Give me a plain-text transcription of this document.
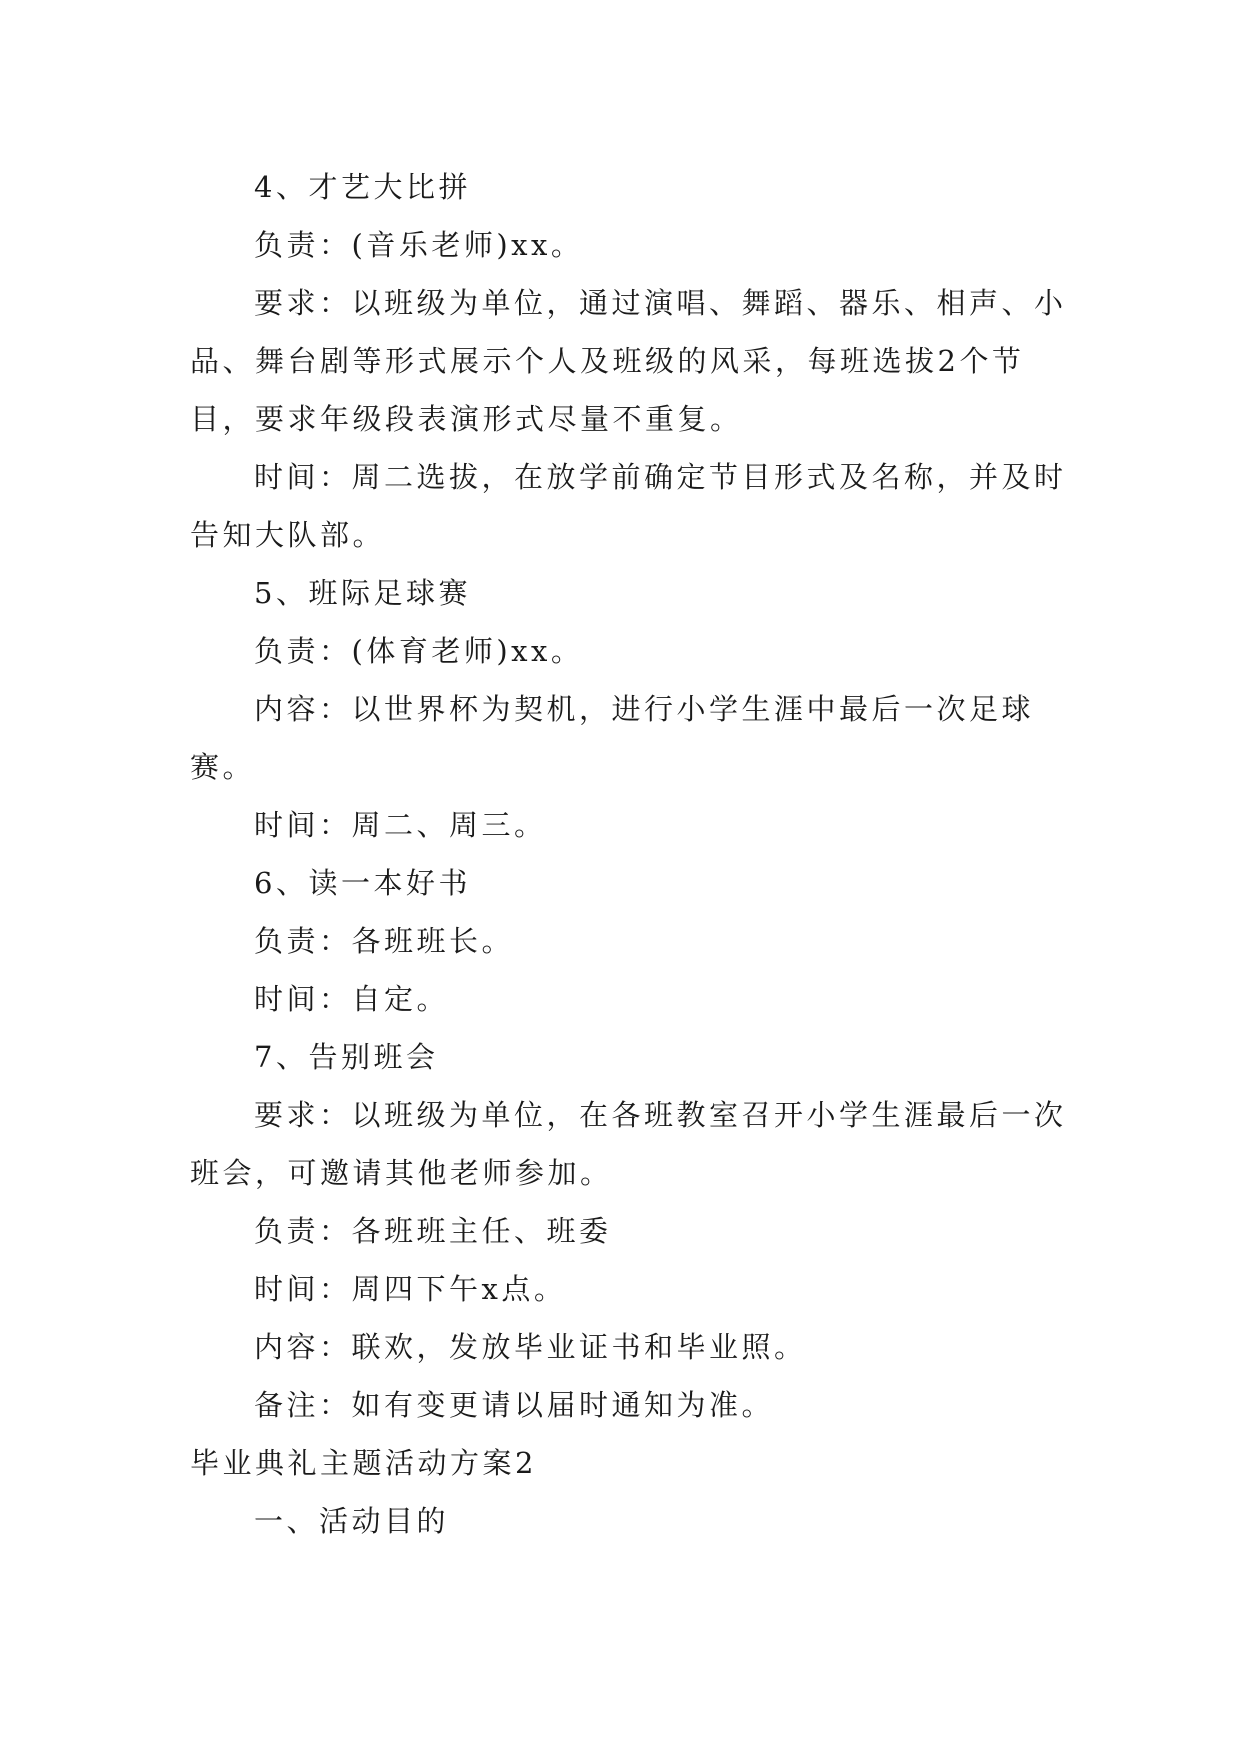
4、才艺大比拼

负责：(音乐老师)xx。

要求：以班级为单位，通过演唱、舞蹈、器乐、相声、小品、舞台剧等形式展示个人及班级的风采，每班选拔2个节目，要求年级段表演形式尽量不重复。

时间：周二选拔，在放学前确定节目形式及名称，并及时告知大队部。

5、班际足球赛

负责：(体育老师)xx。

内容：以世界杯为契机，进行小学生涯中最后一次足球赛。

时间：周二、周三。

6、读一本好书

负责：各班班长。

时间：自定。

7、告别班会

要求：以班级为单位，在各班教室召开小学生涯最后一次班会，可邀请其他老师参加。

负责：各班班主任、班委

时间：周四下午x点。

内容：联欢，发放毕业证书和毕业照。

备注：如有变更请以届时通知为准。

毕业典礼主题活动方案2

一、活动目的
